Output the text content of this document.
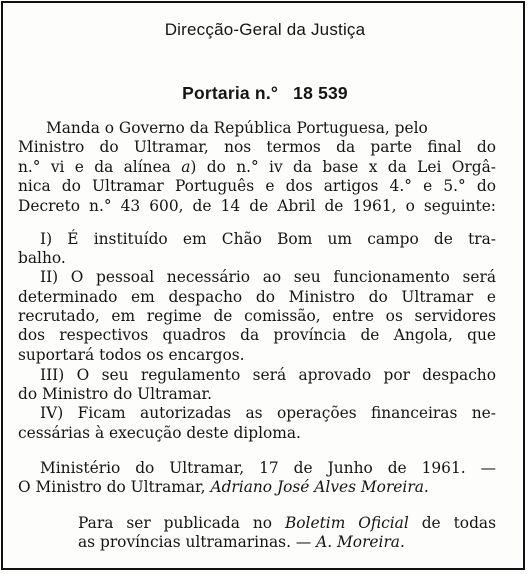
Direcção-Geral da Justiça
Portaria n.° 18 539
Manda o Governo da República Portuguesa, pelo
Ministro do Ultramar, nos termos da parte final do
n.° vi e da alínea a) do n.° iv da base x da Lei Orgâ-
nica do Ultramar Português e dos artigos 4.° e 5.° do
Decreto n.° 43 600, de 14 de Abril de 1961, o seguinte:
I) É instituído em Chão Bom um campo de tra-
balho.
II) O pessoal necessário ao seu funcionamento será
determinado em despacho do Ministro do Ultramar e
recrutado, em regime de comissão, entre os servidores
dos respectivos quadros da província de Angola, que
suportará todos os encargos.
III) O seu regulamento será aprovado por despacho
do Ministro do Ultramar.
IV) Ficam autorizadas as operações financeiras ne-
cessárias à execução deste diploma.
Ministério do Ultramar, 17 de Junho de 1961. —
O Ministro do Ultramar, Adriano José Alves Moreira.
Para ser publicada no Boletim Oficial de todas
as províncias ultramarinas. — A. Moreira.
